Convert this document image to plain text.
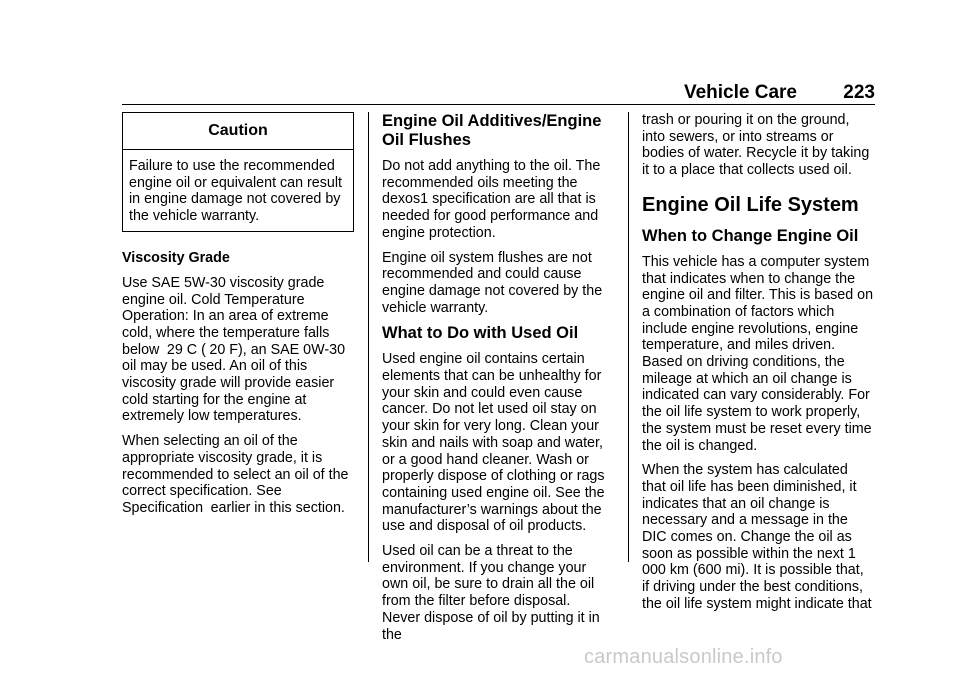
Vehicle Care 223
Caution

Failure to use the recommended engine oil or equivalent can result in engine damage not covered by the vehicle warranty.

Viscosity Grade

Use SAE 5W-30 viscosity grade engine oil. Cold Temperature Operation: In an area of extreme cold, where the temperature falls below  29 C ( 20 F), an SAE 0W-30 oil may be used. An oil of this viscosity grade will provide easier cold starting for the engine at extremely low temperatures.

When selecting an oil of the appropriate viscosity grade, it is recommended to select an oil of the correct specification. See  Specification  earlier in this section.

Engine Oil Additives/Engine Oil Flushes

Do not add anything to the oil. The recommended oils meeting the dexos1 specification are all that is needed for good performance and engine protection.

Engine oil system flushes are not recommended and could cause engine damage not covered by the vehicle warranty.

What to Do with Used Oil

Used engine oil contains certain elements that can be unhealthy for your skin and could even cause cancer. Do not let used oil stay on your skin for very long. Clean your skin and nails with soap and water, or a good hand cleaner. Wash or properly dispose of clothing or rags containing used engine oil. See the manufacturer’s warnings about the use and disposal of oil products.

Used oil can be a threat to the environment. If you change your own oil, be sure to drain all the oil from the filter before disposal. Never dispose of oil by putting it in the

trash or pouring it on the ground, into sewers, or into streams or bodies of water. Recycle it by taking it to a place that collects used oil.

Engine Oil Life System
When to Change Engine Oil

This vehicle has a computer system that indicates when to change the engine oil and filter. This is based on a combination of factors which include engine revolutions, engine temperature, and miles driven. Based on driving conditions, the mileage at which an oil change is indicated can vary considerably. For the oil life system to work properly, the system must be reset every time the oil is changed.

When the system has calculated that oil life has been diminished, it indicates that an oil change is necessary and a message in the DIC comes on. Change the oil as soon as possible within the next 1 000 km (600 mi). It is possible that, if driving under the best conditions, the oil life system might indicate that

carmanualsonline.info
